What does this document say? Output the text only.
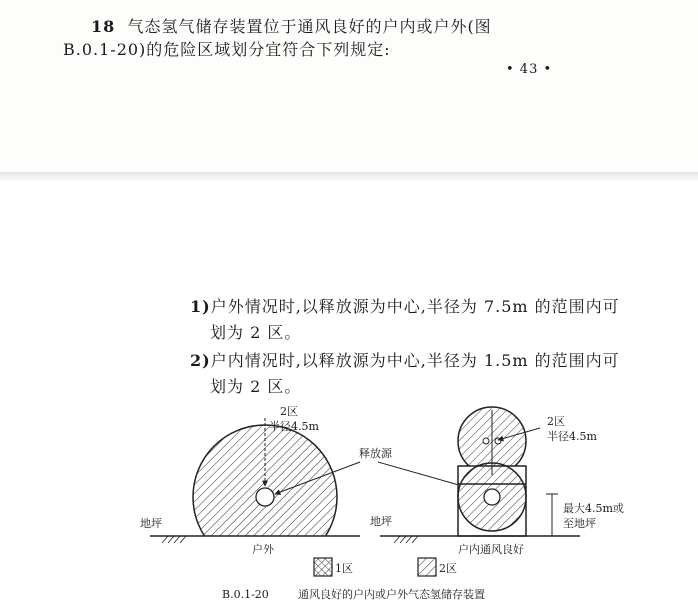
18 气态氢气储存装置位于通风良好的户内或户外(图
B.0.1-20)的危险区域划分宜符合下列规定:
• 43 •
1)户外情况时,以释放源为中心,半径为 7.5m 的范围内可
划为 2 区。
2)户内情况时,以释放源为中心,半径为 1.5m 的范围内可
划为 2 区。
2区
半径4.5m
地坪
户外
释放源
2区
半径4.5m
地坪
最大4.5m或
至地坪
户内通风良好
1区	2区
B.0.1-20	通风良好的户内或户外气态氢储存装置
